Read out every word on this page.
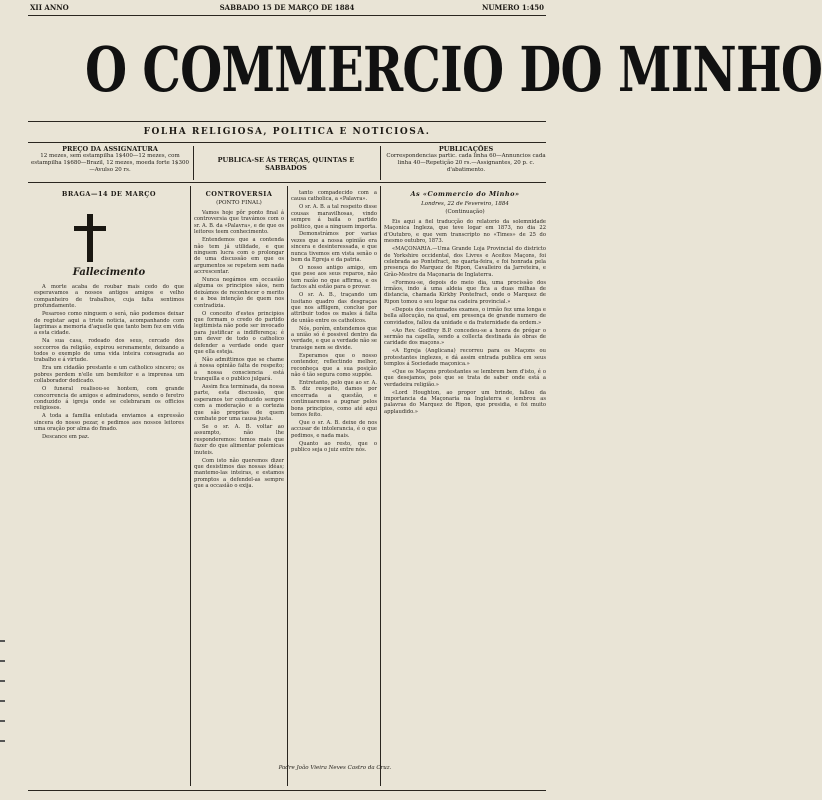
XII ANNO	SABBADO 15 DE MARÇO DE 1884	NUMERO 1:450
O COMMERCIO DO MINHO
FOLHA RELIGIOSA, POLITICA E NOTICIOSA.
PREÇO DA ASSIGNATURA
12 mezes, sem estampilha 1$400—12 mezes, com estampilha 1$680—Brazil, 12 mezes, moeda forte 1$300—Avulso 20 rs.
PUBLICA-SE ÁS TERÇAS, QUINTAS E SABBADOS
PUBLICAÇÕES
Correspondencias partic. cada linha 60—Annuncios cada linha 40—Repetição 20 rs.—Assignantes, 20 p. c. d'abatimento.
BRAGA—14 DE MARÇO
Fallecimento

A morte acaba de roubar mais cedo do que esperavamos a nossos antigos amigos e velho companheiro de trabalhos, cuja falta sentimos profundamente.

Pesaroso como ninguem o será, não podemos deixar de registar aqui a triste noticia, acompanhando com lagrimas a memoria d'aquelle que tanto bem fez em vida a esta cidade.

Na sua casa, rodeado dos seus, cercado dos soccorros da religião, expirou serenamente, deixando a todos o exemplo de uma vida inteira consagrada ao trabalho e á virtude.

Era um cidadão prestante e um catholico sincero; os pobres perdem n'elle um bemfeitor e a imprensa um collaborador dedicado.

O funeral realisou-se hontem, com grande concorrencia de amigos e admiradores, sendo o feretro conduzido á igreja onde se celebraram os officios religiosos.

A toda a familia enlutada enviamos a expressão sincera do nosso pezar, e pedimos aos nossos leitores uma oração por alma do finado.

Descance em paz.

CONTROVERSIA
(PONTO FINAL)

Vamos hoje pôr ponto final á controversia que travámos com o sr. A. B. da «Palavra», e de que os leitores teem conhecimento.

Entendemos que a contenda não tem já utilidade, e que ninguem lucra com o prolongar de uma discussão em que os argumentos se repetem sem nada accrescentar.

Nunca negámos em occasião alguma os principios sãos, nem deixámos de reconhecer o merito e a boa intenção de quem nos contradizia.

O conceito d'estes principios que formam o credo do partido legitimista não pode ser invocado para justificar a indifferença; é um dever de todo o catholico defender a verdade onde quer que ella esteja.

Não admittimos que se chame á nossa opinião falta de respeito; a nossa consciencia está tranquilla e o publico julgará.

Assim fica terminada, da nossa parte, esta discussão, que esperamos ter conduzido sempre com a moderação e a cortezia que são proprias de quem combate por uma causa justa.

Se o sr. A. B. voltar ao assumpto, não lhe responderemos: temos mais que fazer do que alimentar polemicas inuteis.

Com isto não queremos dizer que desistimos das nossas idéas; mantemo-las inteiras, e estamos promptos a defendel-as sempre que a occasião o exija.

tanto compadecido com a causa catholica, a «Palavra».

O sr. A. B. a tal respeito disse cousas maravilhosas, vindo sempre á baila o partido politico, que a ninguem importa.

Demonstrámos por varias vezes que a nossa opinião era sincera e desinteressada, e que nunca tivemos em vista senão o bem da Egreja e da patria.

O nosso antigo amigo, em que pese aos seus reparos, não tem razão no que affirma, e os factos ahi estão para o provar.

O sr. A. B., traçando um lusitano quadro das desgraças que nos affligem, conclue por attribuir todos os males á falta de união entre os catholicos.

Nós, porém, entendemos que a união só é possivel dentro da verdade, e que a verdade não se transige nem se divide.

Esperamos que o nosso contendor, reflectindo melhor, reconheça que a sua posição não é tão segura como suppõe.

Entretanto, pelo que ao sr. A. B. diz respeito, damos por encerrada a questão, e continuaremos a pugnar pelos bons principios, como até aqui temos feito.

Que o sr. A. B. deixe de nos accusar de intolerancia, é o que pedimos, e nada mais.

Quanto ao resto, que o publico seja o juiz entre nós.

Padre João Vieira Neves Castro da Cruz.
As «Commercio do Minho»
Londres, 22 de Fevereiro, 1884
(Continuação)

Eis aqui a fiel traducção do relatorio da solemnidade Maçonica Ingleza, que teve logar em 1873, no dia 22 d'Outubro, e que vem transcripto no «Times» de 25 do mesmo outubro, 1873.

«MAÇONARIA.—Uma Grande Loja Provincial do districto de Yorkshire occidental, dos Livres e Aceitos Maçons, foi celebrada ao Pontefract, no quarta-feira, e foi honrada pela presença do Marquez de Ripon, Cavalleiro da Jarreteira, e Grão-Mestre da Maçonaria de Inglaterra.

«Formou-se, depois do meio dia, uma procissão dos irmãos, indo á uma aldeia que fica a duas milhas de distancia, chamada Kirkby Pontefract, onde o Marquez de Ripon tomou o seu logar na cadeira provincial.»

«Depois dos costumados exames, o irmão fez uma longa e bella allocução, na qual, em presença de grande numero de convidados, fallou da unidade e da fraternidade da ordem.»

«Ao Rev. Godfrey B.P. concedeu-se a honra de prégar o sermão na capella, sendo a collecta destinada ás obras de caridade dos maçons.»

«A Egreja (Anglicana) recorreu para os Maçons ou protestantes inglezes, e dá assim entrada publica em seus templos á Sociedade maçonica.»

«Que os Maçons protestantes se lembrem bem d'isto, é o que desejamos, pois que se trata de saber onde está a verdadeira religião.»

«Lord Houghton, ao propor um brinde, fallou da importancia da Maçonaria na Inglaterra e lembrou as palavras do Marquez de Ripon, que presidia, e foi muito applaudido.»
